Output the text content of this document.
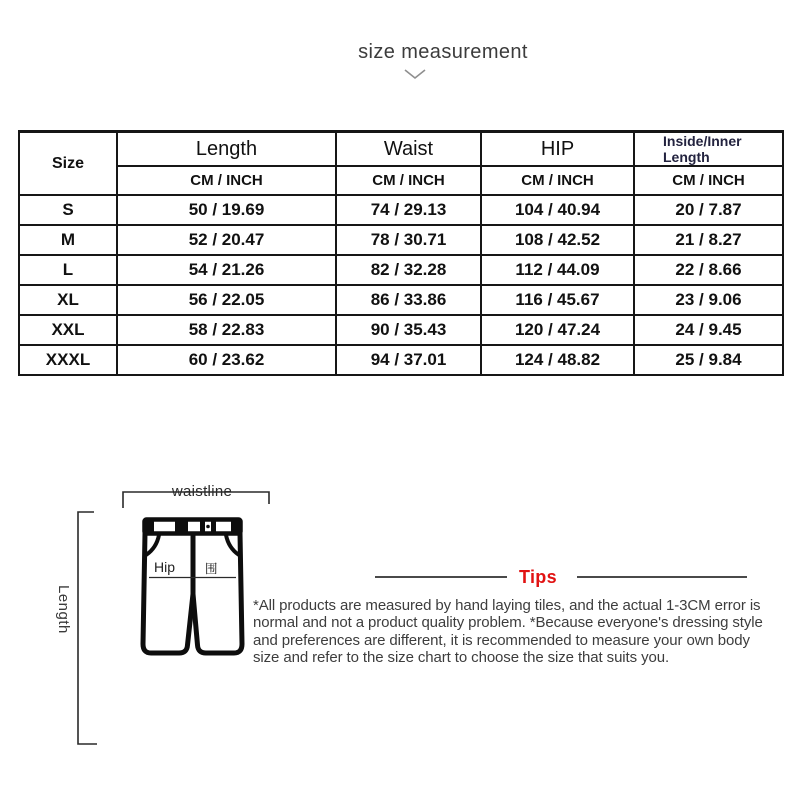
size measurement
Size	Length	Waist	HIP	Inside/Inner Length

	CM / INCH	CM / INCH	CM / INCH	CM / INCH
S	50 / 19.69	74 / 29.13	104 / 40.94	20 / 7.87
M	52 / 20.47	78 / 30.71	108 / 42.52	21 / 8.27
L	54 / 21.26	82 / 32.28	112 / 44.09	22 / 8.66
XL	56 / 22.05	86 / 33.86	116 / 45.67	23 / 9.06
XXL	58 / 22.83	90 / 35.43	120 / 47.24	24 / 9.45
XXXL	60 / 23.62	94 / 37.01	124 / 48.82	25 / 9.84
waistline
Length
Hip 围	Tips
*All products are measured by hand laying tiles, and the actual 1-3CM error is normal and not a product quality problem. *Because everyone's dressing style and preferences are different, it is recommended to measure your own body size and refer to the size chart to choose the size that suits you.
